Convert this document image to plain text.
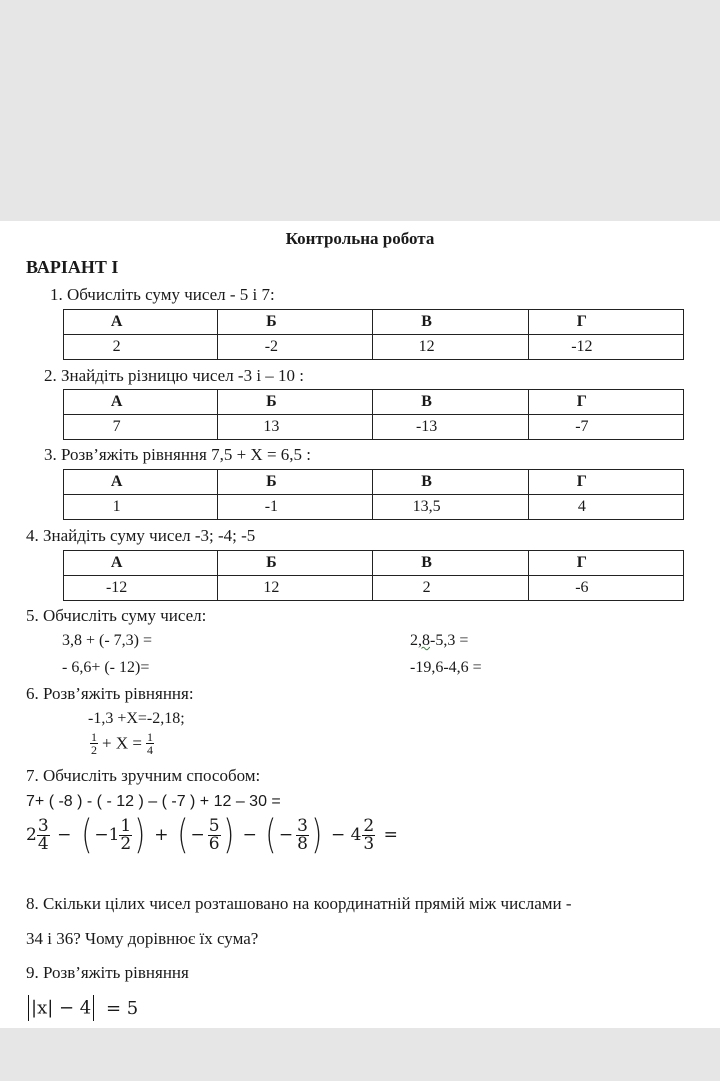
Контрольна робота
ВАРІАНТ І
1. Обчисліть суму чисел - 5 і 7:
А	Б	В	Г
2	-2	12	-12
2. Знайдіть різницю чисел -3 і – 10 :
А	Б	В	Г
7	13	-13	-7
3. Розв’яжіть рівняння 7,5 + Х = 6,5 :
А	Б	В	Г
1	-1	13,5	4
4. Знайдіть суму чисел -3; -4; -5
А	Б	В	Г
-12	12	2	-6
5. Обчисліть суму чисел:
3,8 + (- 7,3) =	2,8-5,3 =
- 6,6+ (- 12)=	-19,6-4,6 =
6. Розв’яжіть рівняння:
-1,3 +Х=-2,18;
$\frac{1}{2} + X = \frac{1}{4}$
7. Обчисліть зручним способом:
7+ ( -8 ) - ( - 12 ) – ( -7 ) + 12 – 30 =
$2 \frac{3}{4}$ − ( $-1 \frac{1}{2}$ ) + ( − $\frac{5}{6}$ ) − ( − $\frac{3}{8}$ ) − $4 \frac{2}{3}$ =
8. Скільки цілих чисел розташовано на координатній прямій між числами -
34 і 36? Чому дорівнює їх сума?
9. Розв’яжіть рівняння
|x| − 4 = 5
